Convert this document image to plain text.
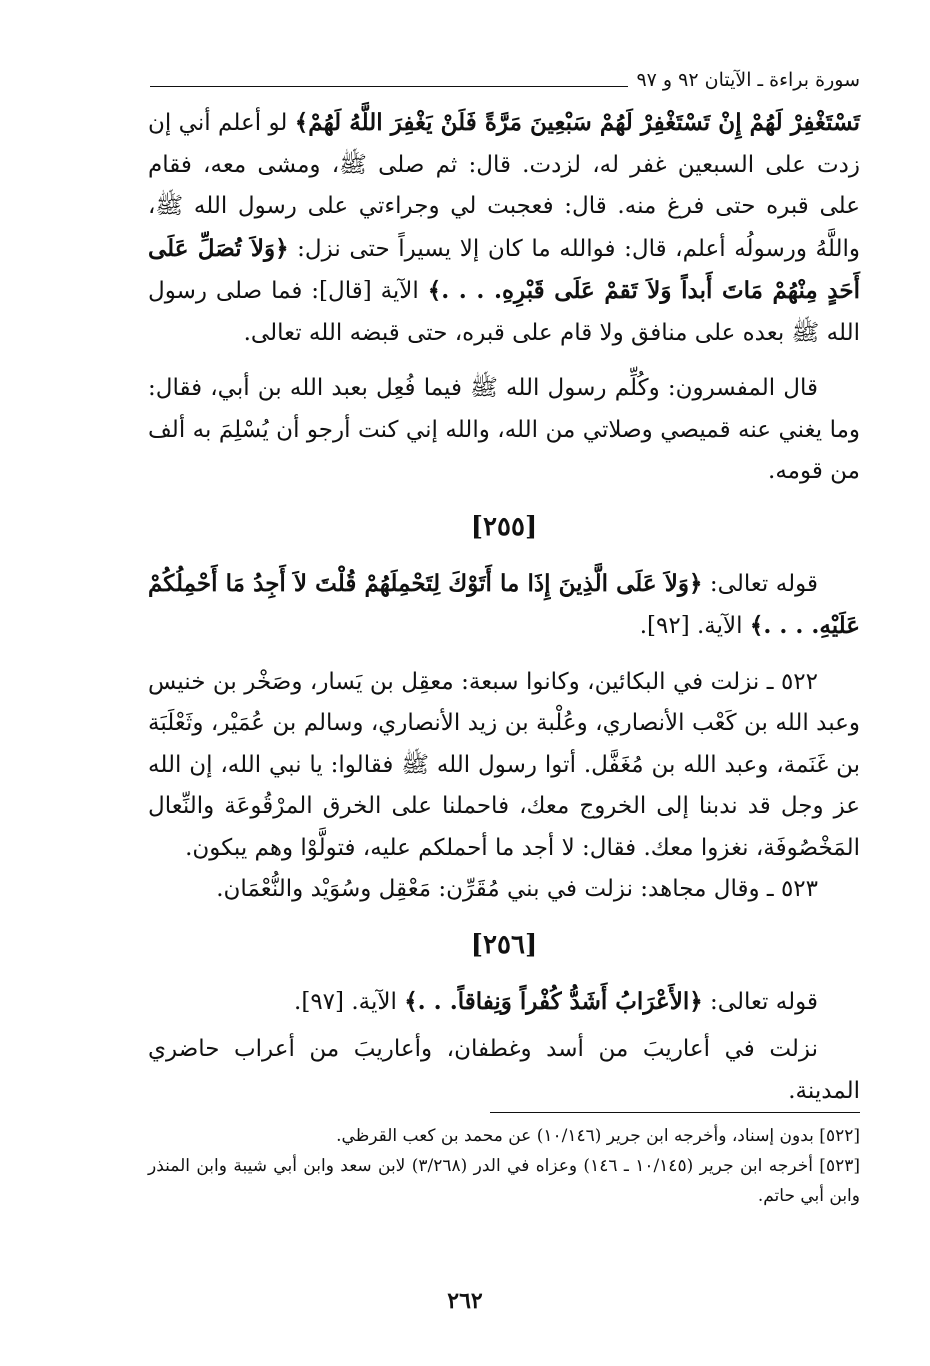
سورة براءة ـ الآيتان ٩٢ و ٩٧

تَسْتَغْفِرْ لَهُمْ إِنْ تَسْتَغْفِرْ لَهُمْ سَبْعِينَ مَرَّةً فَلَنْ يَغْفِرَ اللَّهُ لَهُمْ﴾ لو أعلم أني إن زدت على السبعين غفر له، لزدت. قال: ثم صلى ﷺ، ومشى معه، فقام على قبره حتى فرغ منه. قال: فعجبت لي وجراءتي على رسول الله ﷺ، واللَّهُ ورسولُه أعلم، قال: فوالله ما كان إلا يسيراً حتى نزل: ﴿وَلاَ تُصَلِّ عَلَى أَحَدٍ مِنْهُمْ مَاتَ أَبداً وَلاَ تَقمْ عَلَى قَبْرِهِ. . . .﴾ الآية [قال]: فما صلى رسول الله ﷺ بعده على منافق ولا قام على قبره، حتى قبضه الله تعالى.

قال المفسرون: وكُلِّم رسول الله ﷺ فيما فُعِل بعبد الله بن أبي، فقال: وما يغني عنه قميصي وصلاتي من الله، والله إني كنت أرجو أن يُسْلِمَ به ألف من قومه.

[٢٥٥]

قوله تعالى: ﴿وَلاَ عَلَى الَّذِينَ إِذَا ما أَتَوْكَ لِتَحْمِلَهُمْ قُلْتَ لاَ أَجِدُ مَا أَحْمِلُكُمْ عَلَيْهِ. . . .﴾ الآية. [٩٢].

٥٢٢ ـ نزلت في البكائين، وكانوا سبعة: معقِل بن يَسار، وصَخْر بن خنيس وعبد الله بن كَعْب الأنصاري، وعُلْبة بن زيد الأنصاري، وسالم بن عُمَيْر، وثَعْلَبَة بن غَنَمة، وعبد الله بن مُغَفَّل. أتوا رسول الله ﷺ فقالوا: يا نبي الله، إن الله عز وجل قد ندبنا إلى الخروج معك، فاحملنا على الخرق المرْقُوعَة والنِّعال المَخْصُوفَة، نغزوا معك. فقال: لا أجد ما أحملكم عليه، فتولَّوْا وهم يبكون.

٥٢٣ ـ وقال مجاهد: نزلت في بني مُقَرِّن: مَعْقِل وسُوَيْد والنُّعْمَان.

[٢٥٦]

قوله تعالى: ﴿الأَعْرَابُ أَشَدُّ كُفْراً وَنِفاقاً. . .﴾ الآية. [٩٧].

نزلت في أعاريبَ من أسد وغطفان، وأعاريبَ من أعراب حاضري المدينة.

[٥٢٢] بدون إسناد، وأخرجه ابن جرير (١٠/١٤٦) عن محمد بن كعب القرظي.

[٥٢٣] أخرجه ابن جرير (١٠/١٤٥ ـ ١٤٦) وعزاه في الدر (٣/٢٦٨) لابن سعد وابن أبي شيبة وابن المنذر وابن أبي حاتم.

٢٦٢
